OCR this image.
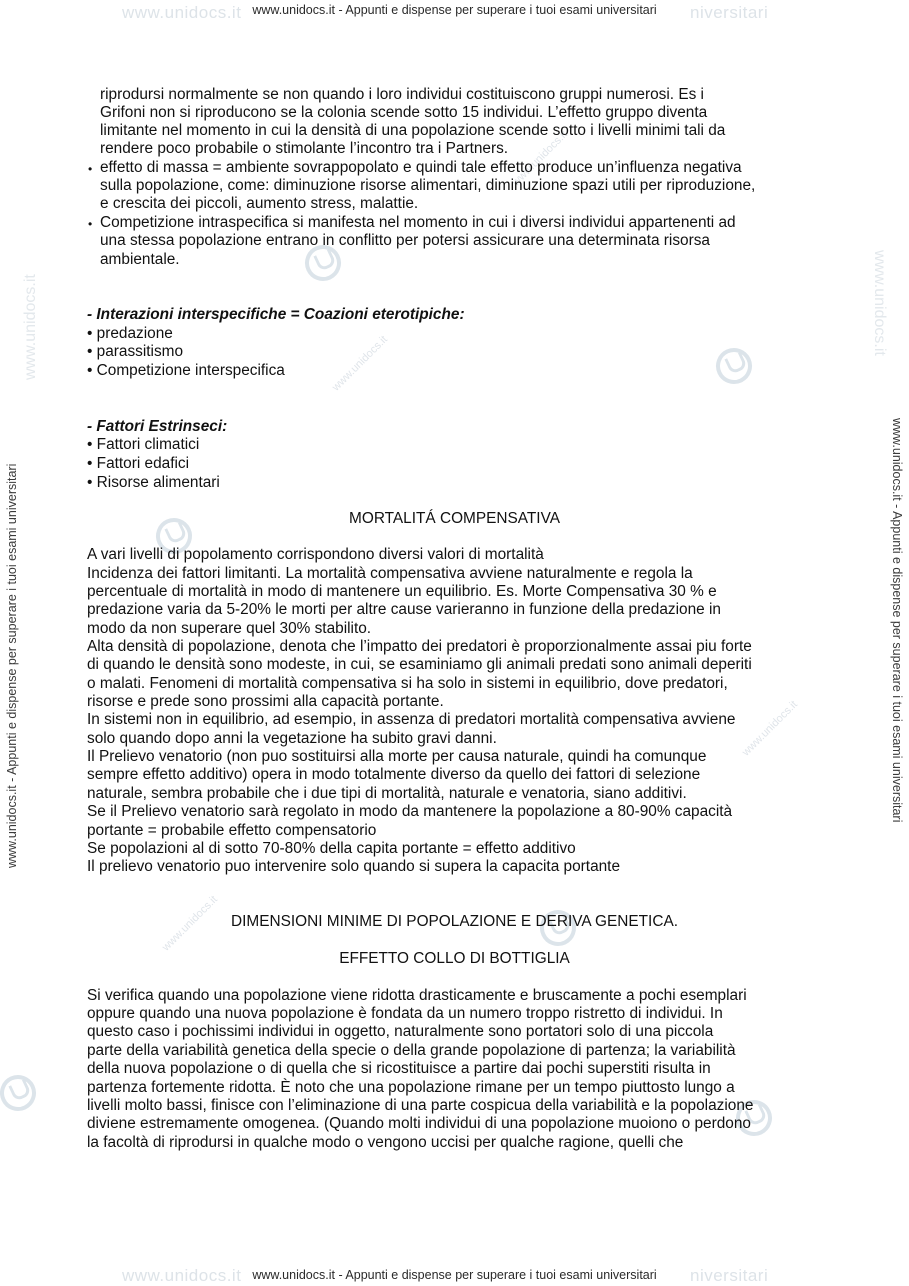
www.unidocs.it	niversitari
www.unidocs.it - Appunti e dispense per superare i tuoi esami universitari
www.unidocs.it - Appunti e dispense per superare i tuoi esami universitari	www.unidocs.it - Appunti e dispense per superare i tuoi esami universitari
www.unidocs.it	www.unidocs.it
www.unidocs.it
www.unidocs.it
www.unidocs.it
www.unidocs.it
riprodursi normalmente se non quando i loro individui costituiscono gruppi numerosi. Es i
Grifoni non si riproducono se la colonia scende sotto 15 individui. L’effetto gruppo diventa
limitante nel momento in cui la densità di una popolazione scende sotto i livelli minimi tali da
rendere poco probabile o stimolante l’incontro tra i Partners.
• effetto di massa = ambiente sovrappopolato e quindi tale effetto produce un’influenza negativa
sulla popolazione, come: diminuzione risorse alimentari, diminuzione spazi utili per riproduzione,
e crescita dei piccoli, aumento stress, malattie.
• Competizione intraspecifica si manifesta nel momento in cui i diversi individui appartenenti ad
una stessa popolazione entrano in conflitto per potersi assicurare una determinata risorsa
ambientale.
- Interazioni interspecifiche = Coazioni eterotipiche:
• predazione
• parassitismo
• Competizione interspecifica
- Fattori Estrinseci:
• Fattori climatici
• Fattori edafici
• Risorse alimentari
MORTALITÁ COMPENSATIVA
A vari livelli di popolamento corrispondono diversi valori di mortalità
Incidenza dei fattori limitanti. La mortalità compensativa avviene naturalmente e regola la
percentuale di mortalità in modo di mantenere un equilibrio. Es. Morte Compensativa 30 % e
predazione varia da 5-20% le morti per altre cause varieranno in funzione della predazione in
modo da non superare quel 30% stabilito.
Alta densità di popolazione, denota che l’impatto dei predatori è proporzionalmente assai piu forte
di quando le densità sono modeste, in cui, se esaminiamo gli animali predati sono animali deperiti
o malati. Fenomeni di mortalità compensativa si ha solo in sistemi in equilibrio, dove predatori,
risorse e prede sono prossimi alla capacità portante.
In sistemi non in equilibrio, ad esempio, in assenza di predatori mortalità compensativa avviene
solo quando dopo anni la vegetazione ha subito gravi danni.
Il Prelievo venatorio (non puo sostituirsi alla morte per causa naturale, quindi ha comunque
sempre effetto additivo) opera in modo totalmente diverso da quello dei fattori di selezione
naturale, sembra probabile che i due tipi di mortalità, naturale e venatoria, siano additivi.
Se il Prelievo venatorio sarà regolato in modo da mantenere la popolazione a 80-90% capacità
portante = probabile effetto compensatorio
Se popolazioni al di sotto 70-80% della capita portante = effetto additivo
Il prelievo venatorio puo intervenire solo quando si supera la capacita portante
DIMENSIONI MINIME DI POPOLAZIONE E DERIVA GENETICA.
EFFETTO COLLO DI BOTTIGLIA
Si verifica quando una popolazione viene ridotta drasticamente e bruscamente a pochi esemplari
oppure quando una nuova popolazione è fondata da un numero troppo ristretto di individui. In
questo caso i pochissimi individui in oggetto, naturalmente sono portatori solo di una piccola
parte della variabilità genetica della specie o della grande popolazione di partenza; la variabilità
della nuova popolazione o di quella che si ricostituisce a partire dai pochi superstiti risulta in
partenza fortemente ridotta. È noto che una popolazione rimane per un tempo piuttosto lungo a
livelli molto bassi, finisce con l’eliminazione di una parte cospicua della variabilità e la popolazione
diviene estremamente omogenea. (Quando molti individui di una popolazione muoiono o perdono
la facoltà di riprodursi in qualche modo o vengono uccisi per qualche ragione, quelli che
www.unidocs.it	niversitari
www.unidocs.it - Appunti e dispense per superare i tuoi esami universitari
